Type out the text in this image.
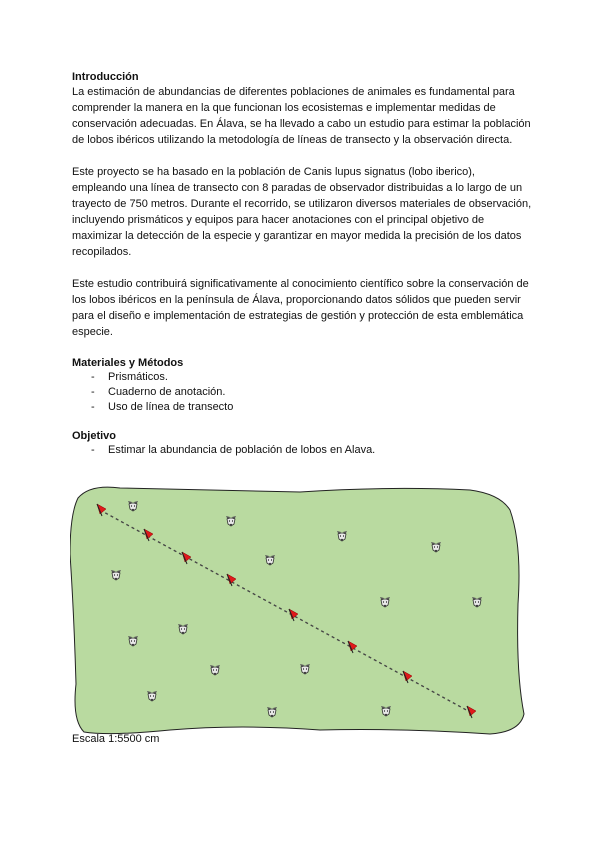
Introducción

La estimación de abundancias de diferentes poblaciones de animales es fundamental para comprender la manera en la que funcionan los ecosistemas e implementar medidas de conservación adecuadas. En Álava, se ha llevado a cabo un estudio para estimar la población de lobos ibéricos utilizando la metodología de líneas de transecto y la observación directa.

Este proyecto se ha basado en la población de Canis lupus signatus (lobo iberico), empleando una línea de transecto con 8 paradas de observador distribuidas a lo largo de un trayecto de 750 metros. Durante el recorrido, se utilizaron diversos materiales de observación, incluyendo prismáticos y equipos para hacer anotaciones con el principal objetivo de maximizar la detección de la especie y garantizar en mayor medida la precisión de los datos recopilados.

Este estudio contribuirá significativamente al conocimiento científico sobre la conservación de los lobos ibéricos en la península de Álava, proporcionando datos sólidos que pueden servir para el diseño e implementación de estrategias de gestión y protección de esta emblemática especie.

Materiales y Métodos

- Prismáticos.
- Cuaderno de anotación.
- Uso de línea de transecto

Objetivo

- Estimar la abundancia de población de lobos en Alava.
Escala 1:5500 cm
